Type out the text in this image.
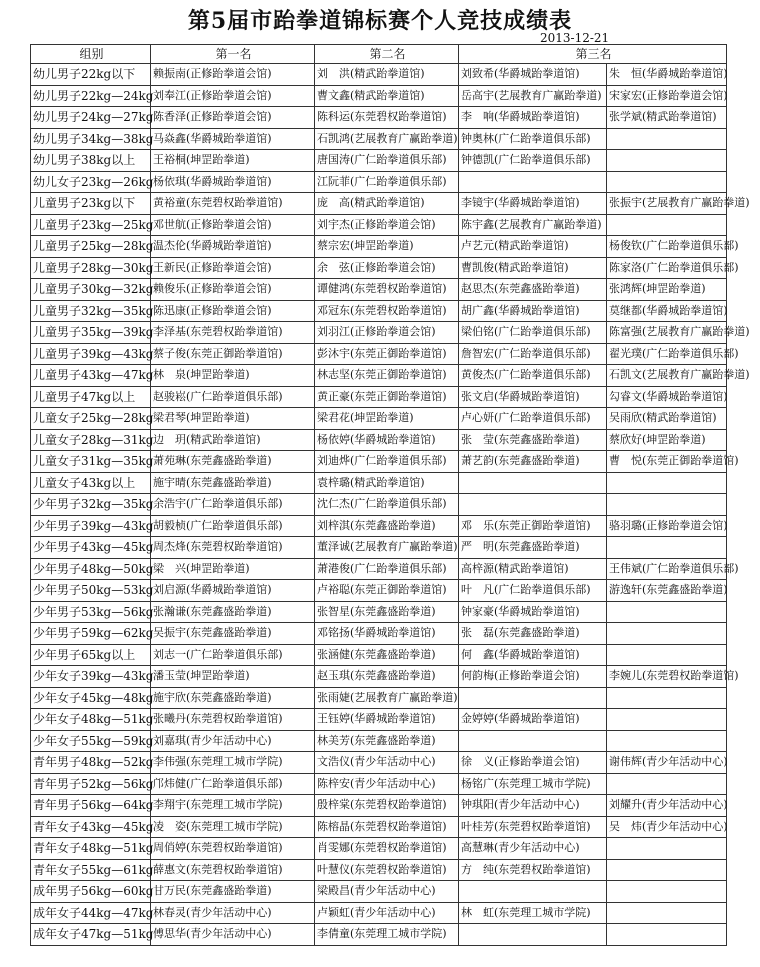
第5届市跆拳道锦标赛个人竞技成绩表
2013-12-21
组别	第一名	第二名	第三名	
幼儿男子22kg以下	赖振南(正修跆拳道会馆)	刘　洪(精武跆拳道馆)	刘致希(华爵城跆拳道馆)	朱　恒(华爵城跆拳道馆)
幼儿男子22kg—24kg	刘奉江(正修跆拳道会馆)	曹文鑫(精武跆拳道馆)	岳高宇(艺展教育广赢跆拳道)	宋家宏(正修跆拳道会馆)
幼儿男子24kg—27kg	陈香泽(正修跆拳道会馆)	陈科运(东莞碧权跆拳道馆)	李　响(华爵城跆拳道馆)	张学斌(精武跆拳道馆)
幼儿男子34kg—38kg	马焱鑫(华爵城跆拳道馆)	石凯鸿(艺展教育广赢跆拳道)	钟奥林(广仁跆拳道俱乐部)	
幼儿男子38kg以上	王裕桐(坤罡跆拳道)	唐国涛(广仁跆拳道俱乐部)	钟德凯(广仁跆拳道俱乐部)	
幼儿女子23kg—26kg	杨依琪(华爵城跆拳道馆)	江阮菲(广仁跆拳道俱乐部)		
儿童男子23kg以下	黄裕童(东莞碧权跆拳道馆)	庞　高(精武跆拳道馆)	李镜宇(华爵城跆拳道馆)	张振宇(艺展教育广赢跆拳道)
儿童男子23kg—25kg	邓世航(正修跆拳道会馆)	刘宇杰(正修跆拳道会馆)	陈宇鑫(艺展教育广赢跆拳道)	
儿童男子25kg—28kg	温杰伦(华爵城跆拳道馆)	蔡宗宏(坤罡跆拳道)	卢艺元(精武跆拳道馆)	杨俊钦(广仁跆拳道俱乐部)
儿童男子28kg—30kg	王新民(正修跆拳道会馆)	余　弦(正修跆拳道会馆)	曹凯俊(精武跆拳道馆)	陈家洛(广仁跆拳道俱乐部)
儿童男子30kg—32kg	赖俊乐(正修跆拳道会馆)	谭健鸿(东莞碧权跆拳道馆)	赵思杰(东莞鑫盛跆拳道)	张鸿辉(坤罡跆拳道)
儿童男子32kg—35kg	陈迅康(正修跆拳道会馆)	邓冠东(东莞碧权跆拳道馆)	胡广鑫(华爵城跆拳道馆)	莫继都(华爵城跆拳道馆)
儿童男子35kg—39kg	李泽基(东莞碧权跆拳道馆)	刘羽江(正修跆拳道会馆)	梁伯铭(广仁跆拳道俱乐部)	陈富强(艺展教育广赢跆拳道)
儿童男子39kg—43kg	蔡子俊(东莞正御跆拳道馆)	彭沐宇(东莞正御跆拳道馆)	詹智宏(广仁跆拳道俱乐部)	翟光璞(广仁跆拳道俱乐部)
儿童男子43kg—47kg	林　泉(坤罡跆拳道)	林志坚(东莞正御跆拳道馆)	黄俊杰(广仁跆拳道俱乐部)	石凯文(艺展教育广赢跆拳道)
儿童男子47kg以上	赵骏崧(广仁跆拳道俱乐部)	黄正豪(东莞正御跆拳道馆)	张文启(华爵城跆拳道馆)	勾睿文(华爵城跆拳道馆)
儿童女子25kg—28kg	梁君琴(坤罡跆拳道)	梁君花(坤罡跆拳道)	卢心妍(广仁跆拳道俱乐部)	吴雨欣(精武跆拳道馆)
儿童女子28kg—31kg	边　玥(精武跆拳道馆)	杨依婷(华爵城跆拳道馆)	张　莹(东莞鑫盛跆拳道)	蔡欣好(坤罡跆拳道)
儿童女子31kg—35kg	萧苑琳(东莞鑫盛跆拳道)	刘迪烨(广仁跆拳道俱乐部)	萧艺韵(东莞鑫盛跆拳道)	曹　悦(东莞正御跆拳道馆)
儿童女子43kg以上	施宇晴(东莞鑫盛跆拳道)	袁梓璐(精武跆拳道馆)		
少年男子32kg—35kg	余浩宇(广仁跆拳道俱乐部)	沈仁杰(广仁跆拳道俱乐部)		
少年男子39kg—43kg	胡毅桢(广仁跆拳道俱乐部)	刘梓淇(东莞鑫盛跆拳道)	邓　乐(东莞正御跆拳道馆)	骆羽璐(正修跆拳道会馆)
少年男子43kg—45kg	周杰烽(东莞碧权跆拳道馆)	董泽诚(艺展教育广赢跆拳道)	严　明(东莞鑫盛跆拳道)	
少年男子48kg—50kg	梁　兴(坤罡跆拳道)	萧港俊(广仁跆拳道俱乐部)	高梓源(精武跆拳道馆)	王伟斌(广仁跆拳道俱乐部)
少年男子50kg—53kg	刘启源(华爵城跆拳道馆)	卢裕聪(东莞正御跆拳道馆)	叶　凡(广仁跆拳道俱乐部)	游逸轩(东莞鑫盛跆拳道)
少年男子53kg—56kg	张瀚谦(东莞鑫盛跆拳道)	张智星(东莞鑫盛跆拳道)	钟家豪(华爵城跆拳道馆)	
少年男子59kg—62kg	吴振宇(东莞鑫盛跆拳道)	邓铭扬(华爵城跆拳道馆)	张　磊(东莞鑫盛跆拳道)	
少年男子65kg以上	刘志一(广仁跆拳道俱乐部)	张涵健(东莞鑫盛跆拳道)	何　鑫(华爵城跆拳道馆)	
少年女子39kg—43kg	潘玉莹(坤罡跆拳道)	赵玉琪(东莞鑫盛跆拳道)	何韵梅(正修跆拳道会馆)	李婉儿(东莞碧权跆拳道馆)
少年女子45kg—48kg	施宇欣(东莞鑫盛跆拳道)	张雨婕(艺展教育广赢跆拳道)		
少年女子48kg—51kg	张曦丹(东莞碧权跆拳道馆)	王钰婷(华爵城跆拳道馆)	金婷婷(华爵城跆拳道馆)	
少年女子55kg—59kg	刘嘉琪(青少年活动中心)	林美芳(东莞鑫盛跆拳道)		
青年男子48kg—52kg	李伟强(东莞理工城市学院)	文浩仪(青少年活动中心)	徐　义(正修跆拳道会馆)	谢伟辉(青少年活动中心)
青年男子52kg—56kg	邝炜健(广仁跆拳道俱乐部)	陈梓安(青少年活动中心)	杨铭广(东莞理工城市学院)	
青年男子56kg—64kg	李翔宇(东莞理工城市学院)	殷梓棠(东莞碧权跆拳道馆)	钟琪阳(青少年活动中心)	刘耀升(青少年活动中心)
青年女子43kg—45kg	凌　姿(东莞理工城市学院)	陈榕晶(东莞碧权跆拳道馆)	叶桂芳(东莞碧权跆拳道馆)	吴　炜(青少年活动中心)
青年女子48kg—51kg	周俏婷(东莞碧权跆拳道馆)	肖雯娜(东莞碧权跆拳道馆)	高慧琳(青少年活动中心)	
青年女子55kg—61kg	薛惠文(东莞碧权跆拳道馆)	叶慧仪(东莞碧权跆拳道馆)	方　纯(东莞碧权跆拳道馆)	
成年男子56kg—60kg	甘万民(东莞鑫盛跆拳道)	梁殿昌(青少年活动中心)		
成年女子44kg—47kg	林春灵(青少年活动中心)	卢颖虹(青少年活动中心)	林　虹(东莞理工城市学院)	
成年女子47kg—51kg	傅思华(青少年活动中心)	李倩童(东莞理工城市学院)		
